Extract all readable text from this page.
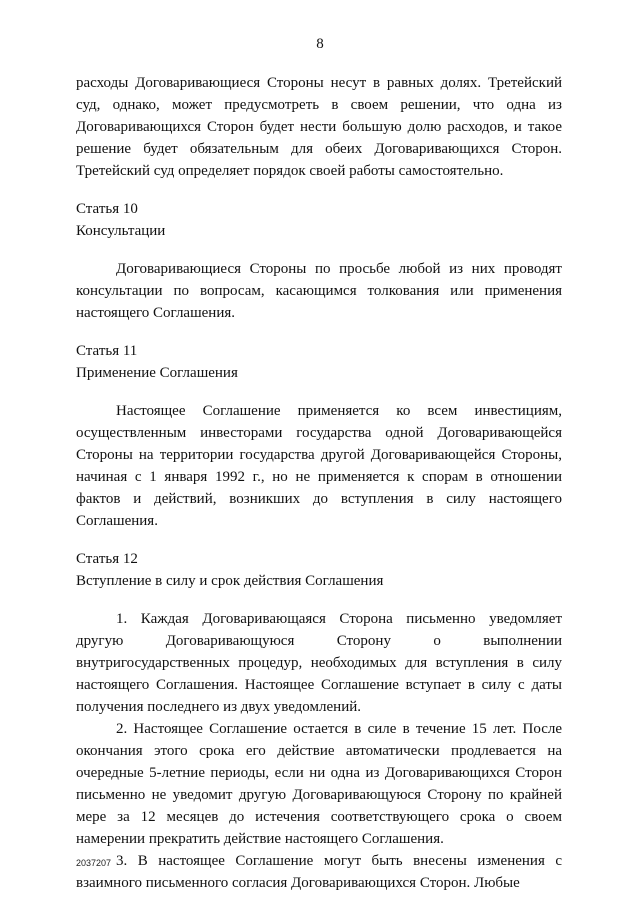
8

расходы Договаривающиеся Стороны несут в равных долях. Третейский суд, однако, может предусмотреть в своем решении, что одна из Договаривающихся Сторон будет нести большую долю расходов, и такое решение будет обязательным для обеих Договаривающихся Сторон. Третейский суд определяет порядок своей работы самостоятельно.

Статья 10

Консультации

Договаривающиеся Стороны по просьбе любой из них проводят консультации по вопросам, касающимся толкования или применения настоящего Соглашения.

Статья 11

Применение Соглашения

Настоящее Соглашение применяется ко всем инвестициям, осуществленным инвесторами государства одной Договаривающейся Стороны на территории государства другой Договаривающейся Стороны, начиная с 1 января 1992 г., но не применяется к спорам в отношении фактов и действий, возникших до вступления в силу настоящего Соглашения.

Статья 12

Вступление в силу и срок действия Соглашения

1. Каждая Договаривающаяся Сторона письменно уведомляет другую Договаривающуюся Сторону о выполнении внутригосударственных процедур, необходимых для вступления в силу настоящего Соглашения. Настоящее Соглашение вступает в силу с даты получения последнего из двух уведомлений.

2. Настоящее Соглашение остается в силе в течение 15 лет. После окончания этого срока его действие автоматически продлевается на очередные 5-летние периоды, если ни одна из Договаривающихся Сторон письменно не уведомит другую Договаривающуюся Сторону по крайней мере за 12 месяцев до истечения соответствующего срока о своем намерении прекратить действие настоящего Соглашения.

3. В настоящее Соглашение могут быть внесены изменения с взаимного письменного согласия Договаривающихся Сторон. Любые

2037207
